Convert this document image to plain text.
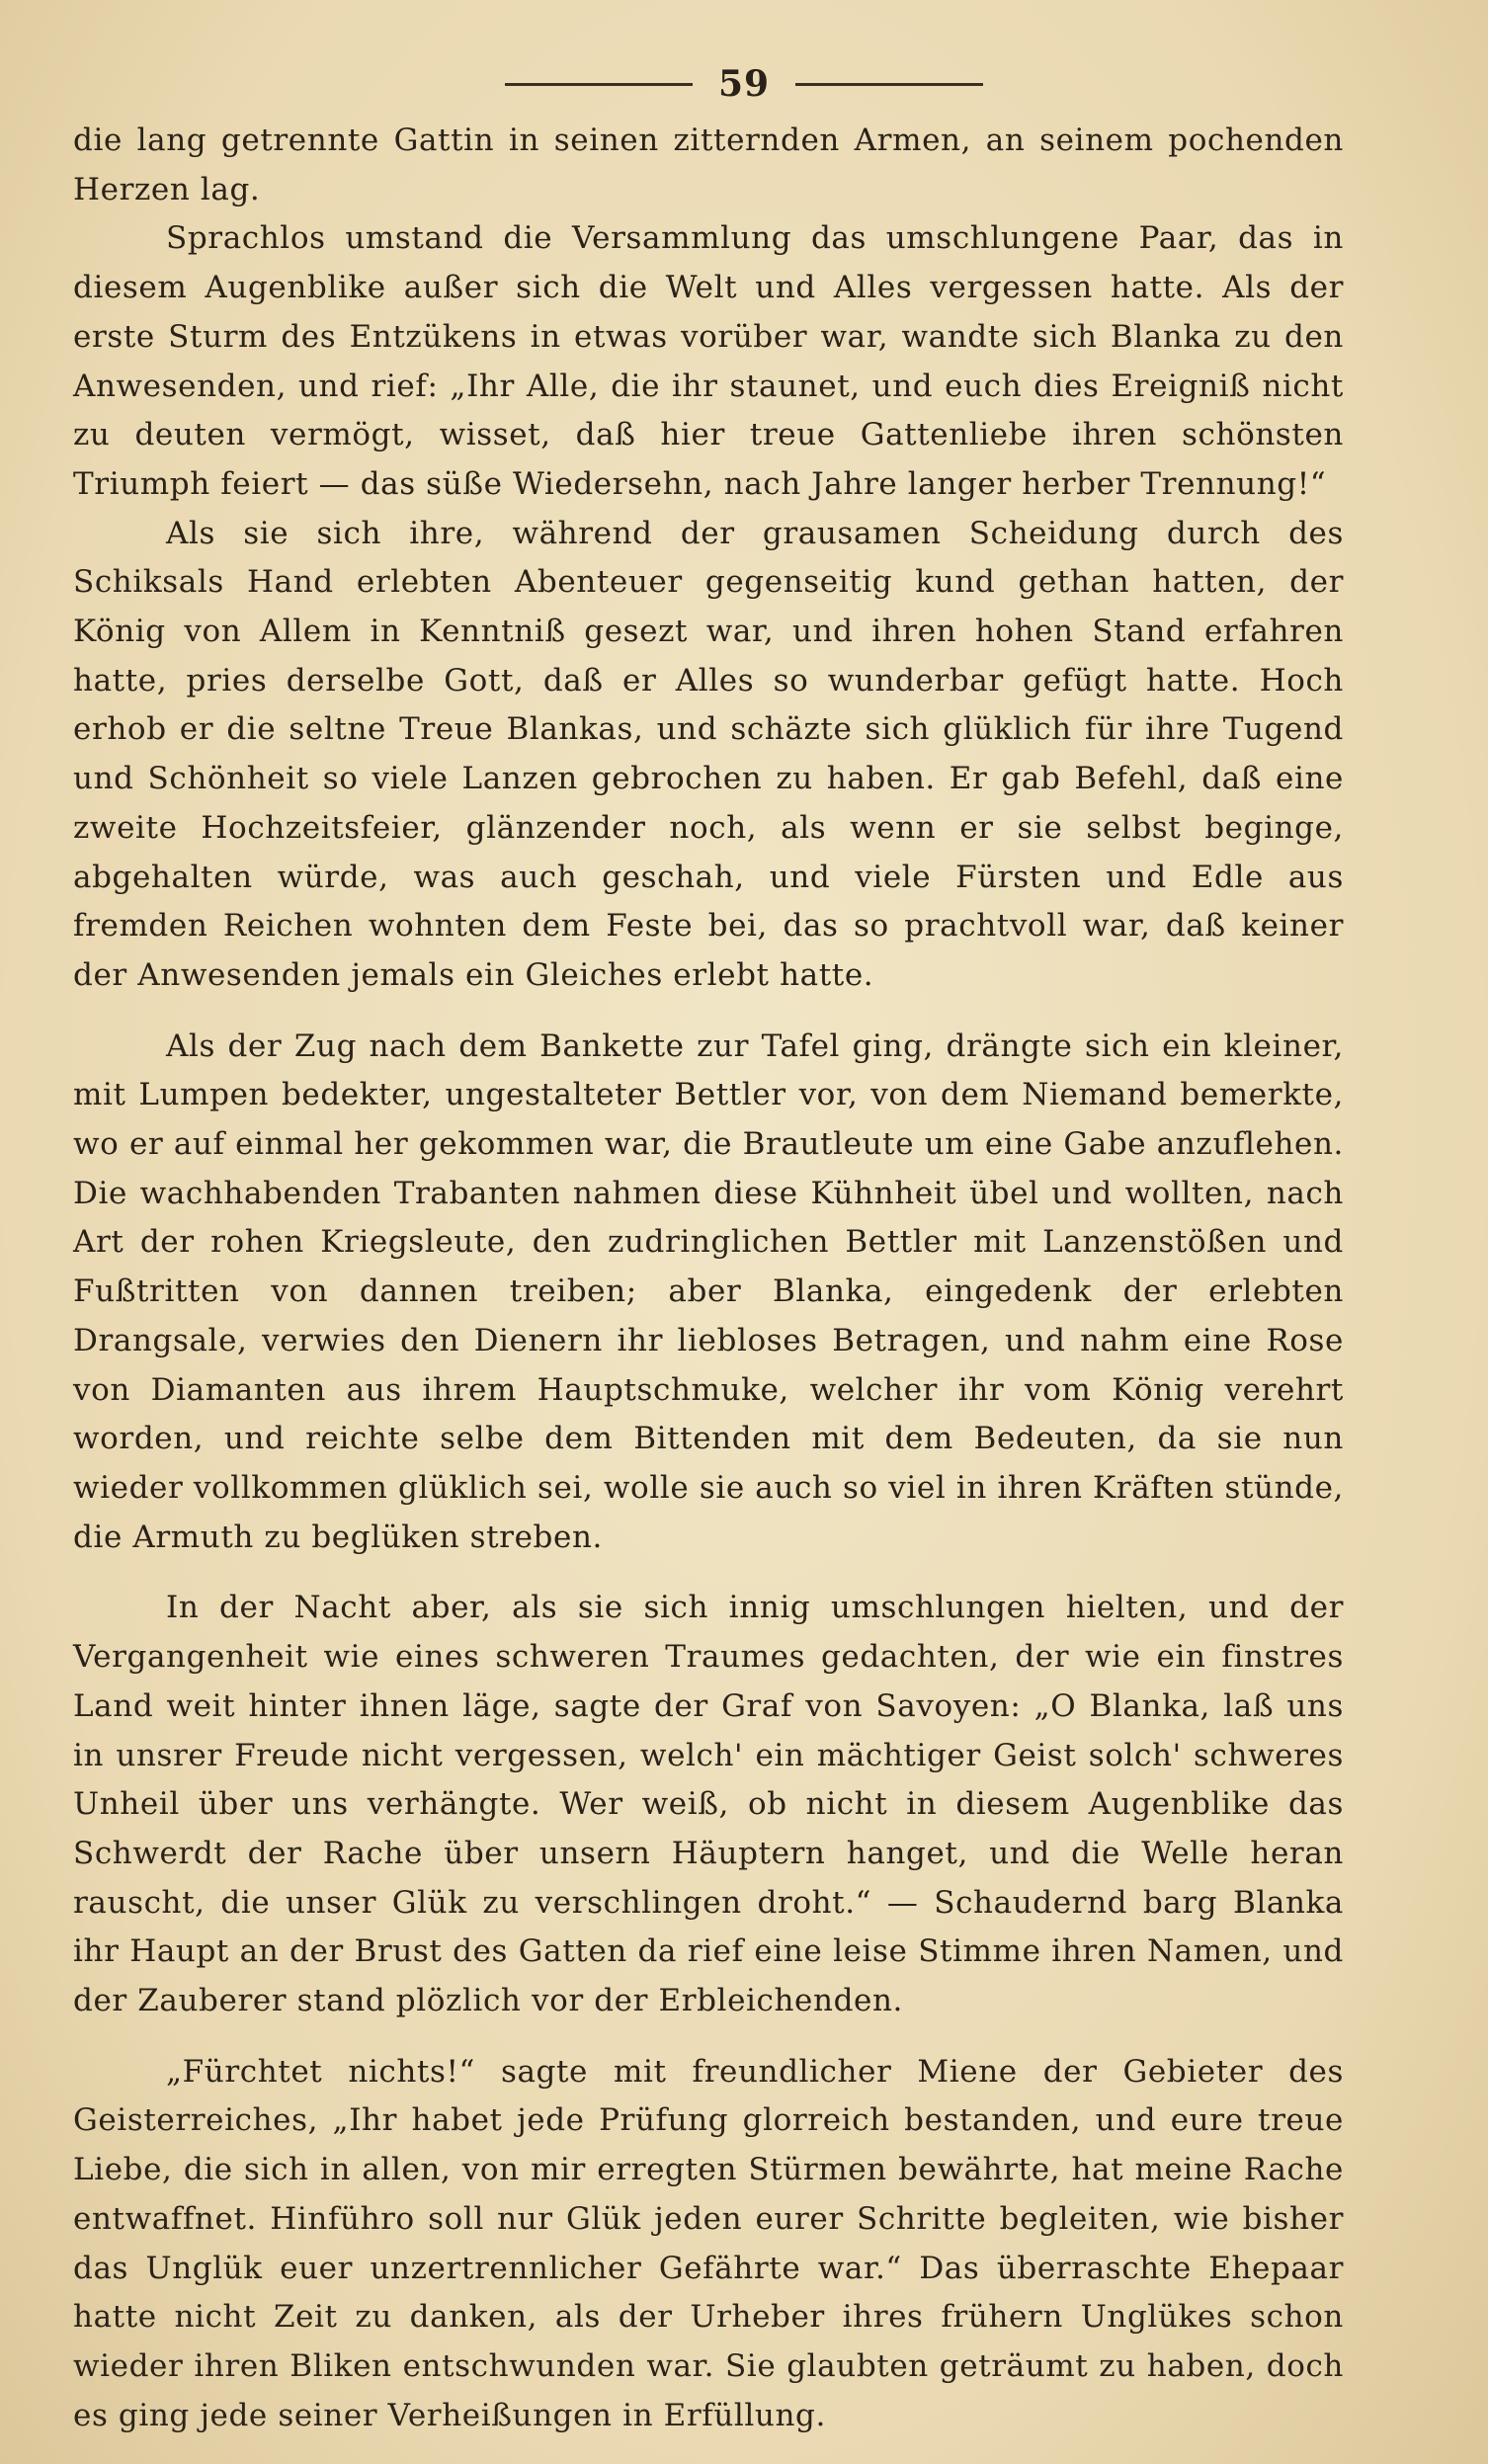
59

die lang getrennte Gattin in seinen zitternden Armen, an seinem pochenden Herzen lag.

Sprachlos umstand die Versammlung das umschlungene Paar, das in diesem Augenblike außer sich die Welt und Alles vergessen hatte. Als der erste Sturm des Entzükens in etwas vorüber war, wandte sich Blanka zu den Anwesenden, und rief: „Ihr Alle, die ihr staunet, und euch dies Ereigniß nicht zu deuten vermögt, wisset, daß hier treue Gattenliebe ihren schönsten Triumph feiert — das süße Wiedersehn, nach Jahre langer herber Trennung!“

Als sie sich ihre, während der grausamen Scheidung durch des Schiksals Hand erlebten Abenteuer gegenseitig kund gethan hatten, der König von Allem in Kenntniß gesezt war, und ihren hohen Stand erfahren hatte, pries derselbe Gott, daß er Alles so wunderbar gefügt hatte. Hoch erhob er die seltne Treue Blankas, und schäzte sich glüklich für ihre Tugend und Schönheit so viele Lanzen gebrochen zu haben. Er gab Befehl, daß eine zweite Hochzeitsfeier, glänzender noch, als wenn er sie selbst beginge, abgehalten würde, was auch geschah, und viele Fürsten und Edle aus fremden Reichen wohnten dem Feste bei, das so prachtvoll war, daß keiner der Anwesenden jemals ein Gleiches erlebt hatte.

Als der Zug nach dem Bankette zur Tafel ging, drängte sich ein kleiner, mit Lumpen bedekter, ungestalteter Bettler vor, von dem Niemand bemerkte, wo er auf einmal her gekommen war, die Brautleute um eine Gabe anzuflehen. Die wachhabenden Trabanten nahmen diese Kühnheit übel und wollten, nach Art der rohen Kriegsleute, den zudringlichen Bettler mit Lanzenstößen und Fußtritten von dannen treiben; aber Blanka, eingedenk der erlebten Drangsale, verwies den Dienern ihr liebloses Betragen, und nahm eine Rose von Diamanten aus ihrem Hauptschmuke, welcher ihr vom König verehrt worden, und reichte selbe dem Bittenden mit dem Bedeuten, da sie nun wieder vollkommen glüklich sei, wolle sie auch so viel in ihren Kräften stünde, die Armuth zu beglüken streben.

In der Nacht aber, als sie sich innig umschlungen hielten, und der Vergangenheit wie eines schweren Traumes gedachten, der wie ein finstres Land weit hinter ihnen läge, sagte der Graf von Savoyen: „O Blanka, laß uns in unsrer Freude nicht vergessen, welch' ein mächtiger Geist solch' schweres Unheil über uns verhängte. Wer weiß, ob nicht in diesem Augenblike das Schwerdt der Rache über unsern Häuptern hanget, und die Welle heran rauscht, die unser Glük zu verschlingen droht.“ — Schaudernd barg Blanka ihr Haupt an der Brust des Gatten da rief eine leise Stimme ihren Namen, und der Zauberer stand plözlich vor der Erbleichenden.

„Fürchtet nichts!“ sagte mit freundlicher Miene der Gebieter des Geisterreiches, „Ihr habet jede Prüfung glorreich bestanden, und eure treue Liebe, die sich in allen, von mir erregten Stürmen bewährte, hat meine Rache entwaffnet. Hinführo soll nur Glük jeden eurer Schritte begleiten, wie bisher das Unglük euer unzertrennlicher Gefährte war.“ Das überraschte Ehepaar hatte nicht Zeit zu danken, als der Urheber ihres frühern Unglükes schon wieder ihren Bliken entschwunden war. Sie glaubten geträumt zu haben, doch es ging jede seiner Verheißungen in Erfüllung.
